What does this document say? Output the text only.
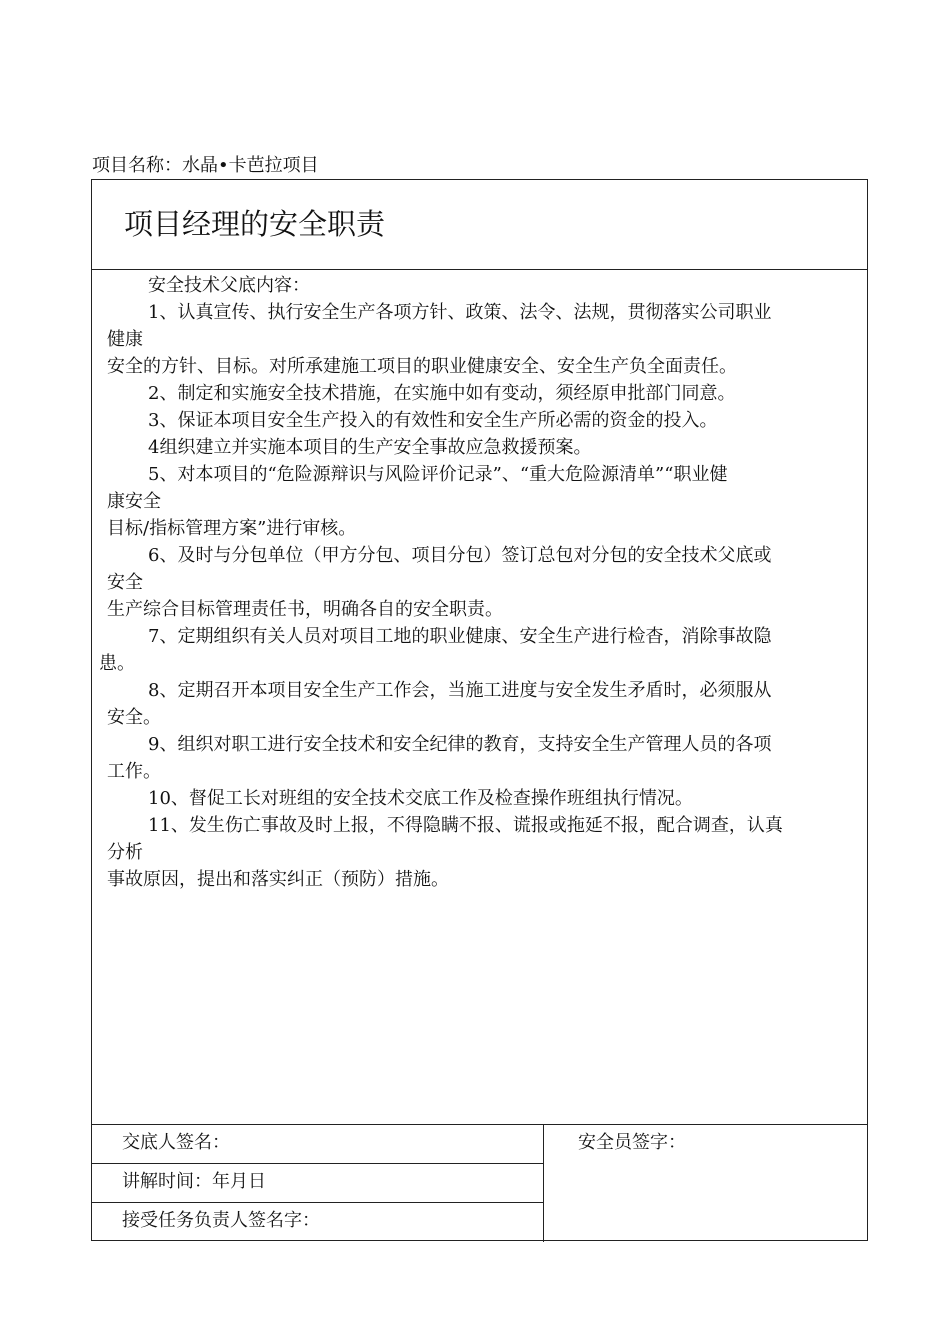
项目名称：水晶•卡芭拉项目
项目经理的安全职责
安全技术父底内容：
1、认真宣传、执行安全生产各项方针、政策、法令、法规，贯彻落实公司职业
健康
安全的方针、目标。对所承建施工项目的职业健康安全、安全生产负全面责任。
2、制定和实施安全技术措施，在实施中如有变动，须经原申批部门同意。
3、保证本项目安全生产投入的有效性和安全生产所必需的资金的投入。
4组织建立并实施本项目的生产安全事故应急救援预案。
5、对本项目的“危险源辩识与风险评价记录”、“重大危险源清单”“职业健
康安全
目标/指标管理方案”进行审核。
6、及时与分包单位（甲方分包、项目分包）签订总包对分包的安全技术父底或
安全
生产综合目标管理责任书，明确各自的安全职责。
7、定期组织有关人员对项目工地的职业健康、安全生产进行检杳，消除事故隐
患。
8、定期召开本项目安全生产工作会，当施工进度与安全发生矛盾时，必须服从
安全。
9、组织对职工进行安全技术和安全纪律的教育，支持安全生产管理人员的各项
工作。
10、督促工长对班组的安全技术交底工作及检查操作班组执行情况。
11、发生伤亡事故及时上报，不得隐瞒不报、谎报或拖延不报，配合调查，认真
分析
事故原因，提出和落实纠正（预防）措施。
交底人签名：
讲解时间：年月日
接受任务负责人签名字：
安全员签字：
